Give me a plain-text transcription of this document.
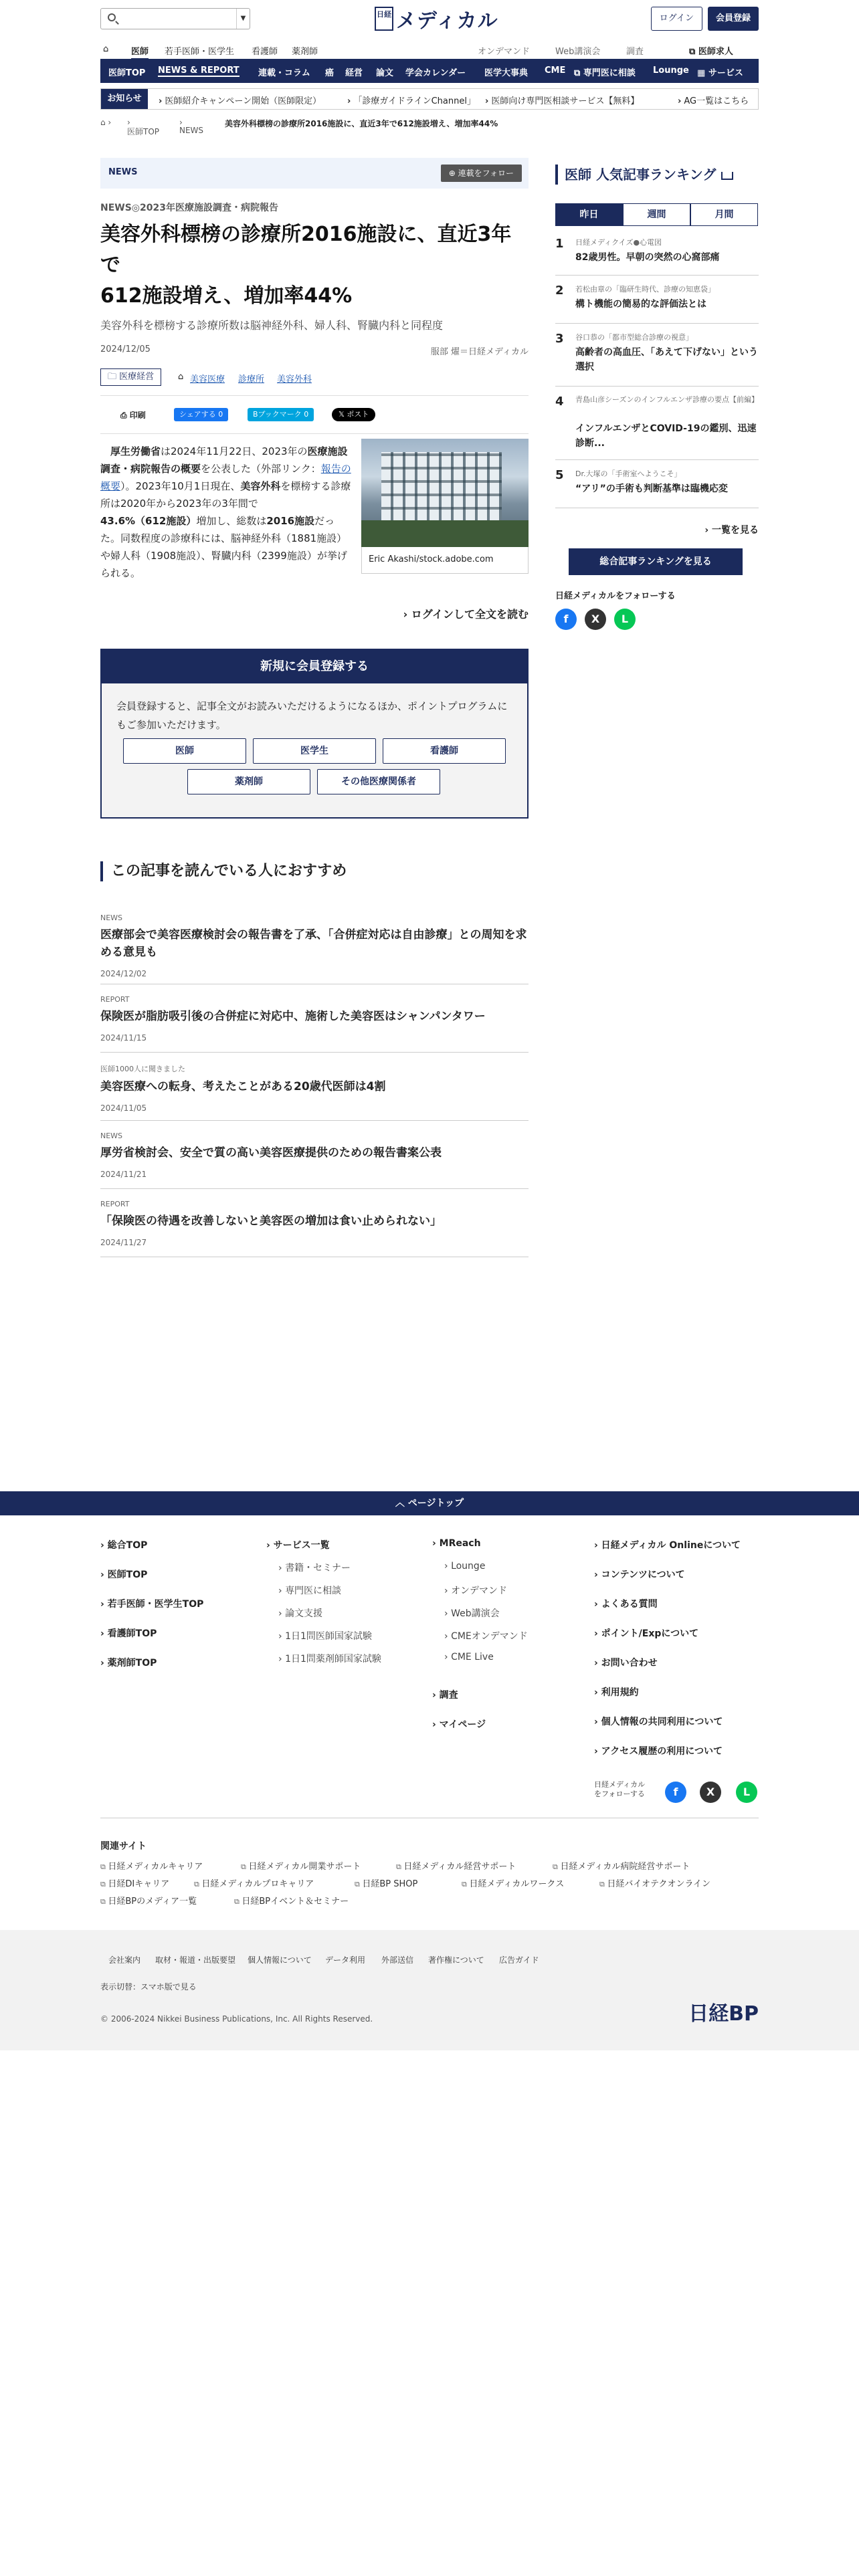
▼	日経 メディカル	ログイン	会員登録
⌂	医師 若手医師・医学生 看護師 薬剤師	オンデマンド	Web講演会	調査	⧉ 医師求人
医師TOP NEWS & REPORT 連載・コラム 癌 経営 論文 学会カレンダー 医学大事典 CME ⧉ 専門医に相談 Lounge ▦ サービス
お知らせ	› 医師紹介キャンペーン開始（医師限定）	› 「診療ガイドラインChannel」	› 医師向け専門医相談サービス【無料】	› AG一覧はこちら
⌂ ›
医師TOP
›
NEWS
›	美容外科標榜の診療所2016施設に、直近3年で612施設増え、増加率44%
NEWS	⊕ 連載をフォロー
NEWS◎2023年医療施設調査・病院報告
美容外科標榜の診療所2016施設に、直近3年で
612施設増え、増加率44%
美容外科を標榜する診療所数は脳神経外科、婦人科、腎臓内科と同程度
2024/12/05	服部 燿＝日経メディカル
🗀 医療経営	⌂ 美容医療 診療所 美容外科
⎙ 印刷	シェアする 0	Bブックマーク 0	𝕏 ポスト
厚生労働省は2024年11月22日、2023年の医療施設調査・病院報告の概要を公表した（外部リンク：報告の概要）。2023年10月1日現在、美容外科を標榜する診療所は2020年から2023年の3年間で43.6%（612施設）増加し、総数は2016施設だった。同数程度の診療科には、脳神経外科（1881施設）や婦人科（1908施設）、腎臓内科（2399施設）が挙げられる。
Eric Akashi/stock.adobe.com
› ログインして全文を読む
新規に会員登録する
会員登録すると、記事全文がお読みいただけるようになるほか、ポイントプログラムにもご参加いただけます。
医師	医学生	看護師
薬剤師	その他医療関係者
この記事を読んでいる人におすすめ
NEWS
医療部会で美容医療検討会の報告書を了承、「合併症対応は自由診療」との周知を求める意見も
2024/12/02
REPORT
保険医が脂肪吸引後の合併症に対応中、施術した美容医はシャンパンタワー
2024/11/15
医師1000人に聞きました
美容医療への転身、考えたことがある20歳代医師は4割
2024/11/05
NEWS
厚労省検討会、安全で質の高い美容医療提供のための報告書案公表
2024/11/21
REPORT
「保険医の待遇を改善しないと美容医の増加は食い止められない」
2024/11/27
医師 人気記事ランキング
昨日	週間	月間
1 日経メディクイズ●心電図
82歳男性。早朝の突然の心窩部痛
2 若松由章の「臨研生時代、診療の知恵袋」
構ト機能の簡易的な評価法とは
3 谷口恭の「都市型総合診療の視意」
高齢者の高血圧、「あえて下げない」という選択
4 青島山彦シーズンのインフルエンザ診療の要点【前編】
インフルエンザとCOVID-19の鑑別、迅速診断...
5 Dr.大塚の「手術室へようこそ」
“アリ”の手術も判断基準は臨機応変
› 一覧を見る
総合記事ランキングを見る
日経メディカルをフォローする
f	X	L
︿ ページトップ
› 総合TOP
› 医師TOP
› 若手医師・医学生TOP
› 看護師TOP
› 薬剤師TOP
› サービス一覧
› 書籍・セミナー
› 専門医に相談
› 論文支援
› 1日1問医師国家試験
› 1日1問薬剤師国家試験
› MReach
› Lounge
› オンデマンド
› Web講演会
› CMEオンデマンド
› CME Live
› 調査
› マイページ
› 日経メディカル Onlineについて
› コンテンツについて
› よくある質問
› ポイント/Expについて
› お問い合わせ
› 利用規約
› 個人情報の共同利用について
› アクセス履歴の利用について
日経メディカル
をフォローする	f	X	L
関連サイト
⧉ 日経メディカルキャリア	⧉ 日経メディカル開業サポート	⧉ 日経メディカル経営サポート	⧉ 日経メディカル病院経営サポート
⧉ 日経DIキャリア	⧉ 日経メディカルプロキャリア	⧉ 日経BP SHOP	⧉ 日経メディカルワークス	⧉ 日経バイオテクオンライン
⧉ 日経BPのメディア一覧	⧉ 日経BPイベント＆セミナー
会社案内 取材・報道・出版要望 個人情報について データ利用 外部送信 著作権について 広告ガイド
表示切替：スマホ版で見る
© 2006-2024 Nikkei Business Publications, Inc. All Rights Reserved.	日経BP
